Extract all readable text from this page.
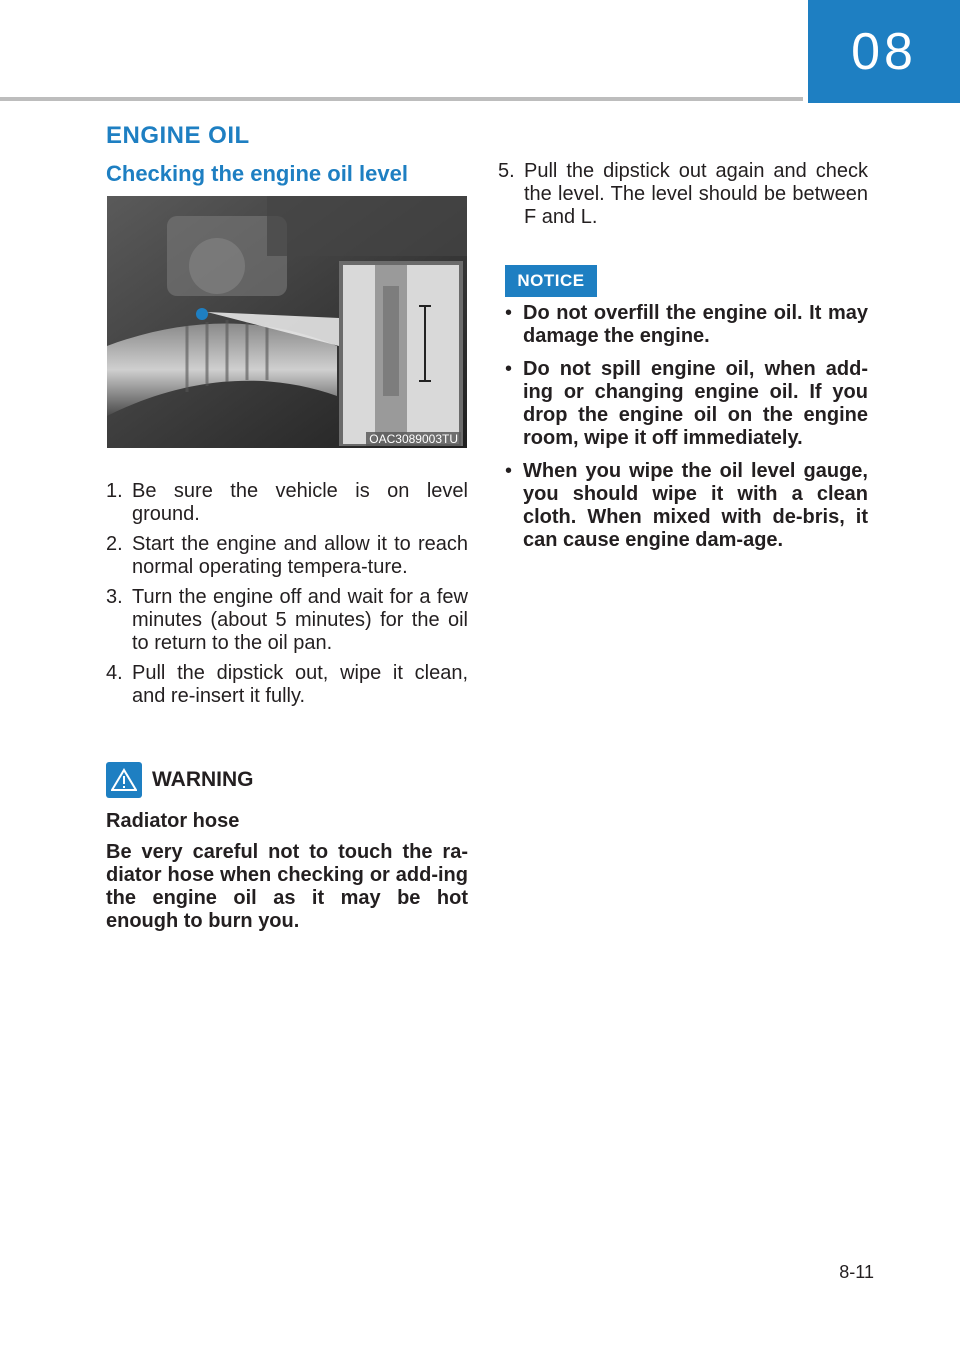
08
ENGINE OIL
Checking the engine oil level
OAC3089003TU
1. Be sure the vehicle is on level ground.
2. Start the engine and allow it to reach normal operating tempera-ture.
3. Turn the engine off and wait for a few minutes (about 5 minutes) for the oil to return to the oil pan.
4. Pull the dipstick out, wipe it clean, and re-insert it fully.
WARNING

Radiator hose

Be very careful not to touch the ra-diator hose when checking or add-ing the engine oil as it may be hot enough to burn you.

5. Pull the dipstick out again and check the level. The level should be between F and L.
NOTICE
• Do not overfill the engine oil. It may damage the engine.
• Do not spill engine oil, when add-ing or changing engine oil. If you drop the engine oil on the engine room, wipe it off immediately.
• When you wipe the oil level gauge, you should wipe it with a clean cloth. When mixed with de-bris, it can cause engine dam-age.
8-11
